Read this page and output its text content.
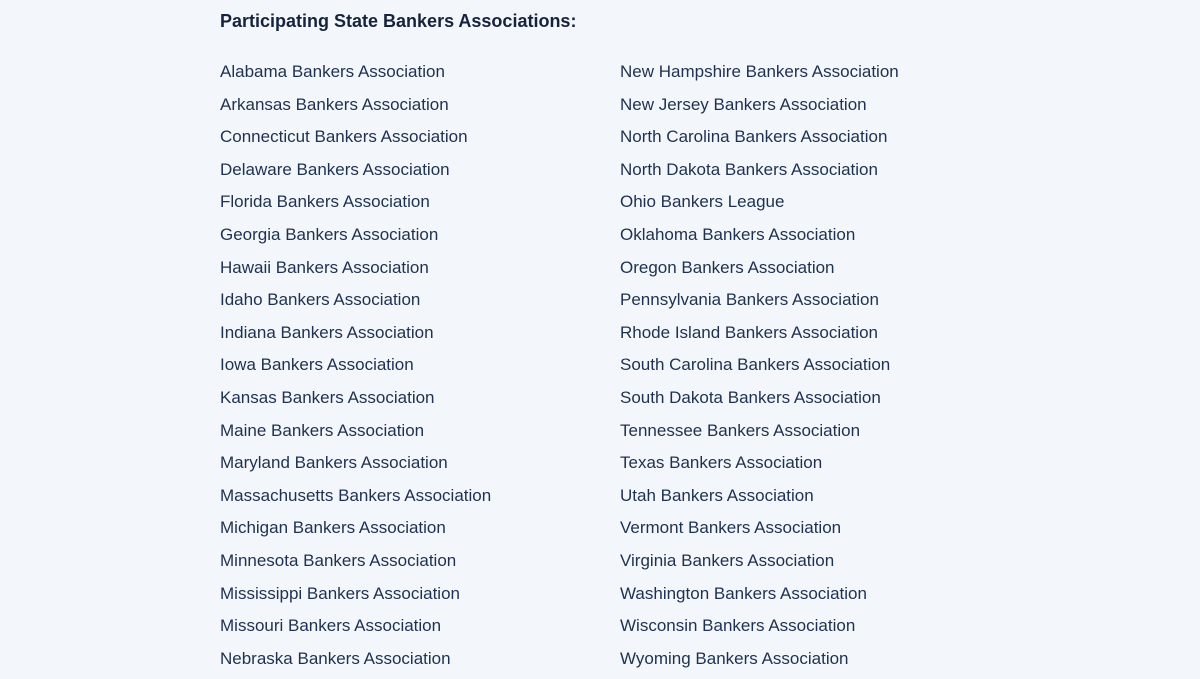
Participating State Bankers Associations:
Alabama Bankers Association
Arkansas Bankers Association
Connecticut Bankers Association
Delaware Bankers Association
Florida Bankers Association
Georgia Bankers Association
Hawaii Bankers Association
Idaho Bankers Association
Indiana Bankers Association
Iowa Bankers Association
Kansas Bankers Association
Maine Bankers Association
Maryland Bankers Association
Massachusetts Bankers Association
Michigan Bankers Association
Minnesota Bankers Association
Mississippi Bankers Association
Missouri Bankers Association
Nebraska Bankers Association
New Hampshire Bankers Association
New Jersey Bankers Association
North Carolina Bankers Association
North Dakota Bankers Association
Ohio Bankers League
Oklahoma Bankers Association
Oregon Bankers Association
Pennsylvania Bankers Association
Rhode Island Bankers Association
South Carolina Bankers Association
South Dakota Bankers Association
Tennessee Bankers Association
Texas Bankers Association
Utah Bankers Association
Vermont Bankers Association
Virginia Bankers Association
Washington Bankers Association
Wisconsin Bankers Association
Wyoming Bankers Association
